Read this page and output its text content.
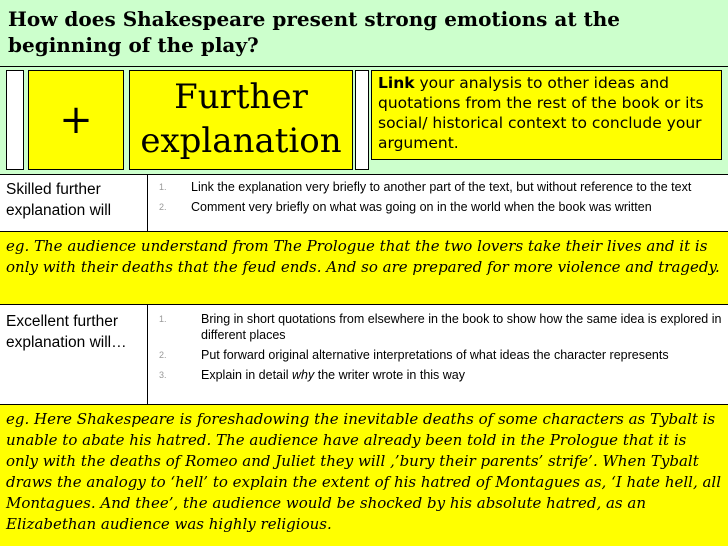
How does Shakespeare present strong emotions at the beginning of the play?
+	Further explanation
Link your analysis to other ideas and quotations from the rest of the book or its social/ historical context to conclude your argument.
Skilled further explanation will
1. Link the explanation very briefly to another part of the text, but without reference to the text
2. Comment very briefly on what was going on in the world when the book was written
eg. The audience understand from The Prologue that the two lovers take their lives and it is only with their deaths that the feud ends. And so are prepared for more violence and tragedy.
Excellent further explanation will…
1.	Bring in short quotations from elsewhere in the book to show how the same idea is explored in different places
2.	Put forward original alternative interpretations of what ideas the character represents
3.	Explain in detail why the writer wrote in this way
eg. Here Shakespeare is foreshadowing the inevitable deaths of some characters as Tybalt is unable to abate his hatred. The audience have already been told in the Prologue that it is only with the deaths of Romeo and Juliet they will ,’bury their parents’ strife’. When Tybalt draws the analogy to ‘hell’ to explain the extent of his hatred of Montagues as, ‘I hate hell, all Montagues. And thee’, the audience would be shocked by his absolute hatred, as an Elizabethan audience was highly religious.
